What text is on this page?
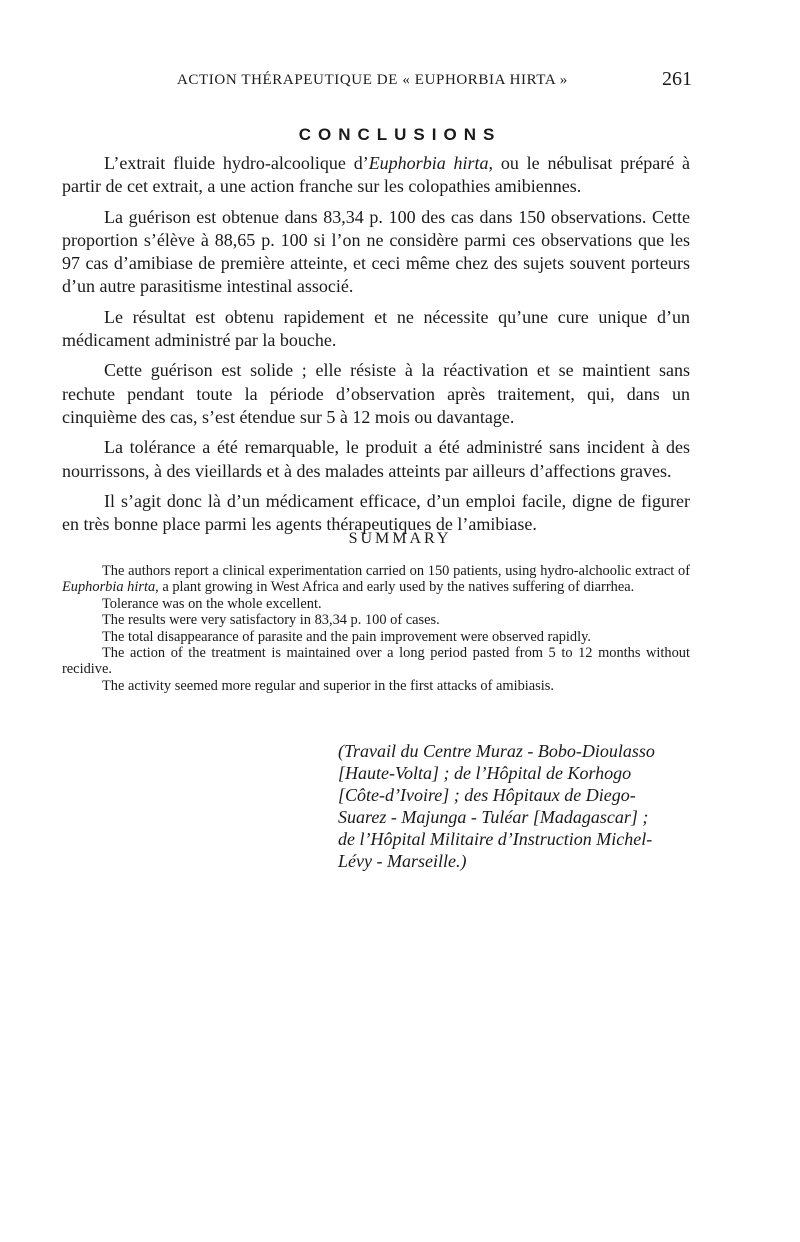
ACTION THÉRAPEUTIQUE DE « EUPHORBIA HIRTA »	261
CONCLUSIONS

L’extrait fluide hydro-alcoolique d’Euphorbia hirta, ou le nébulisat préparé à partir de cet extrait, a une action franche sur les colopathies amibiennes.

La guérison est obtenue dans 83,34 p. 100 des cas dans 150 observations. Cette proportion s’élève à 88,65 p. 100 si l’on ne considère parmi ces observations que les 97 cas d’amibiase de première atteinte, et ceci même chez des sujets souvent porteurs d’un autre parasitisme intestinal associé.

Le résultat est obtenu rapidement et ne nécessite qu’une cure unique d’un médicament administré par la bouche.

Cette guérison est solide ; elle résiste à la réactivation et se maintient sans rechute pendant toute la période d’observation après traitement, qui, dans un cinquième des cas, s’est étendue sur 5 à 12 mois ou davantage.

La tolérance a été remarquable, le produit a été administré sans incident à des nourrissons, à des vieillards et à des malades atteints par ailleurs d’affections graves.

Il s’agit donc là d’un médicament efficace, d’un emploi facile, digne de figurer en très bonne place parmi les agents thérapeutiques de l’amibiase.

SUMMARY

The authors report a clinical experimentation carried on 150 patients, using hydro-alchoolic extract of Euphorbia hirta, a plant growing in West Africa and early used by the natives suffering of diarrhea.

Tolerance was on the whole excellent.

The results were very satisfactory in 83,34 p. 100 of cases.

The total disappearance of parasite and the pain improvement were observed rapidly.

The action of the treatment is maintained over a long period pasted from 5 to 12 months without recidive.

The activity seemed more regular and superior in the first attacks of amibiasis.

(Travail du Centre Muraz - Bobo-Dioulasso

[Haute-Volta] ; de l’Hôpital de Korhogo

[Côte-d’Ivoire] ; des Hôpitaux de Diego-

Suarez - Majunga - Tuléar [Madagascar] ;

de l’Hôpital Militaire d’Instruction Michel-

Lévy - Marseille.)
